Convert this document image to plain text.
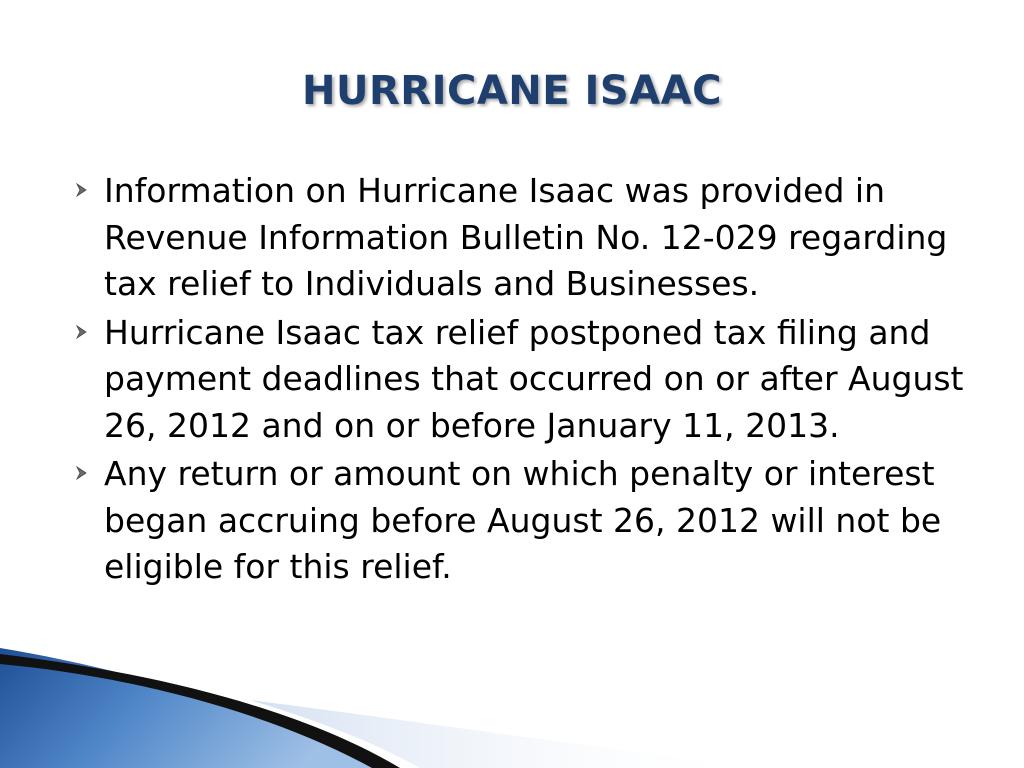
HURRICANE ISAAC
Information on Hurricane Isaac was provided in Revenue Information Bulletin No. 12-029 regarding tax relief to Individuals and Businesses.
Hurricane Isaac tax relief postponed tax filing and payment deadlines that occurred on or after August 26, 2012 and on or before January 11, 2013.
Any return or amount on which penalty or interest began accruing before August 26, 2012 will not be eligible for this relief.
